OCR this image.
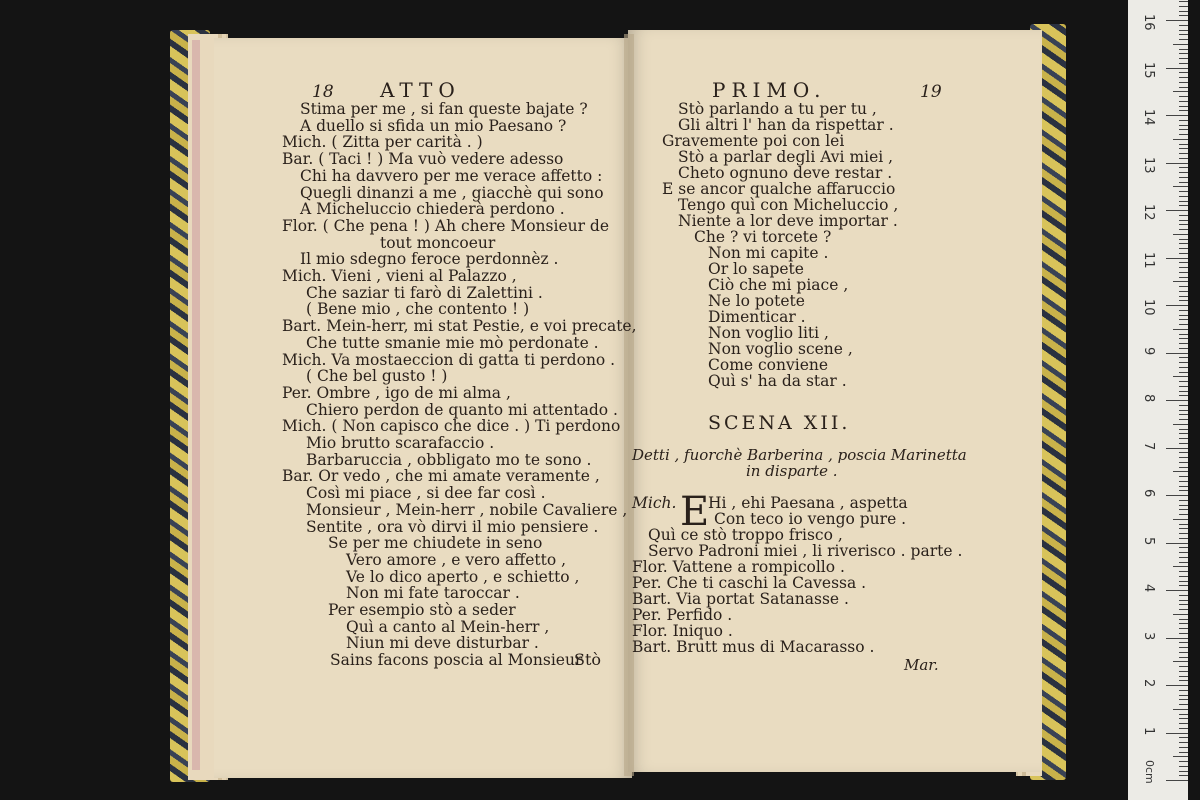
18 ATTO	PRIMO.	19
Stima per me , si fan queste bajate ?
A duello si sfida un mio Paesano ?
Mich. ( Zitta per carità . )
Bar. ( Taci ! ) Ma vuò vedere adesso
Chi ha davvero per me verace affetto :
Quegli dinanzi a me , giacchè qui sono
A Micheluccio chiederà perdono .
Flor. ( Che pena ! ) Ah chere Monsieur de
tout moncoeur
Il mio sdegno feroce perdonnèz .
Mich. Vieni , vieni al Palazzo ,
Che saziar ti farò di Zalettini .
( Bene mio , che contento ! )
Bart. Mein-herr, mi stat Pestie, e voi precate,
Che tutte smanie mie mò perdonate .
Mich. Va mostaeccion di gatta ti perdono .
( Che bel gusto ! )
Per. Ombre , igo de mi alma ,
Chiero perdon de quanto mi attentado .
Mich. ( Non capisco che dice . ) Ti perdono
Mio brutto scarafaccio .
Barbaruccia , obbligato mo te sono .
Bar. Or vedo , che mi amate veramente ,
Così mi piace , si dee far così .
Monsieur , Mein-herr , nobile Cavaliere ,
Sentite , ora vò dirvi il mio pensiere .
Se per me chiudete in seno
Vero amore , e vero affetto ,
Ve lo dico aperto , e schietto ,
Non mi fate taroccar .
Per esempio stò a seder
Quì a canto al Mein-herr ,
Niun mi deve disturbar .
Sains facons poscia al Monsieur
Stò
Stò parlando a tu per tu ,
Gli altri l' han da rispettar .
Gravemente poi con lei
Stò a parlar degli Avi miei ,
Cheto ognuno deve restar .
E se ancor qualche affaruccio
Tengo quì con Micheluccio ,
Niente a lor deve importar .
Che ? vi torcete ?
Non mi capite .
Or lo sapete
Ciò che mi piace ,
Ne lo potete
Dimenticar .
Non voglio liti ,
Non voglio scene ,
Come conviene
Quì s' ha da star .
SCENA XII.
Detti , fuorchè Barberina , poscia Marinetta
in disparte .
E
Mich. Hi , ehi Paesana , aspetta
Con teco io vengo pure .
Quì ce stò troppo frisco ,
Servo Padroni miei , li riverisco . parte .
Flor. Vattene a rompicollo .
Per. Che ti caschi la Cavessa .
Bart. Via portat Satanasse .
Per. Perfido .
Flor. Iniquo .
Bart. Brutt mus di Macarasso .
Mar.
1
2
3
4
5
6
7
8
9
10
11
12
13
14
15
16
0cm
